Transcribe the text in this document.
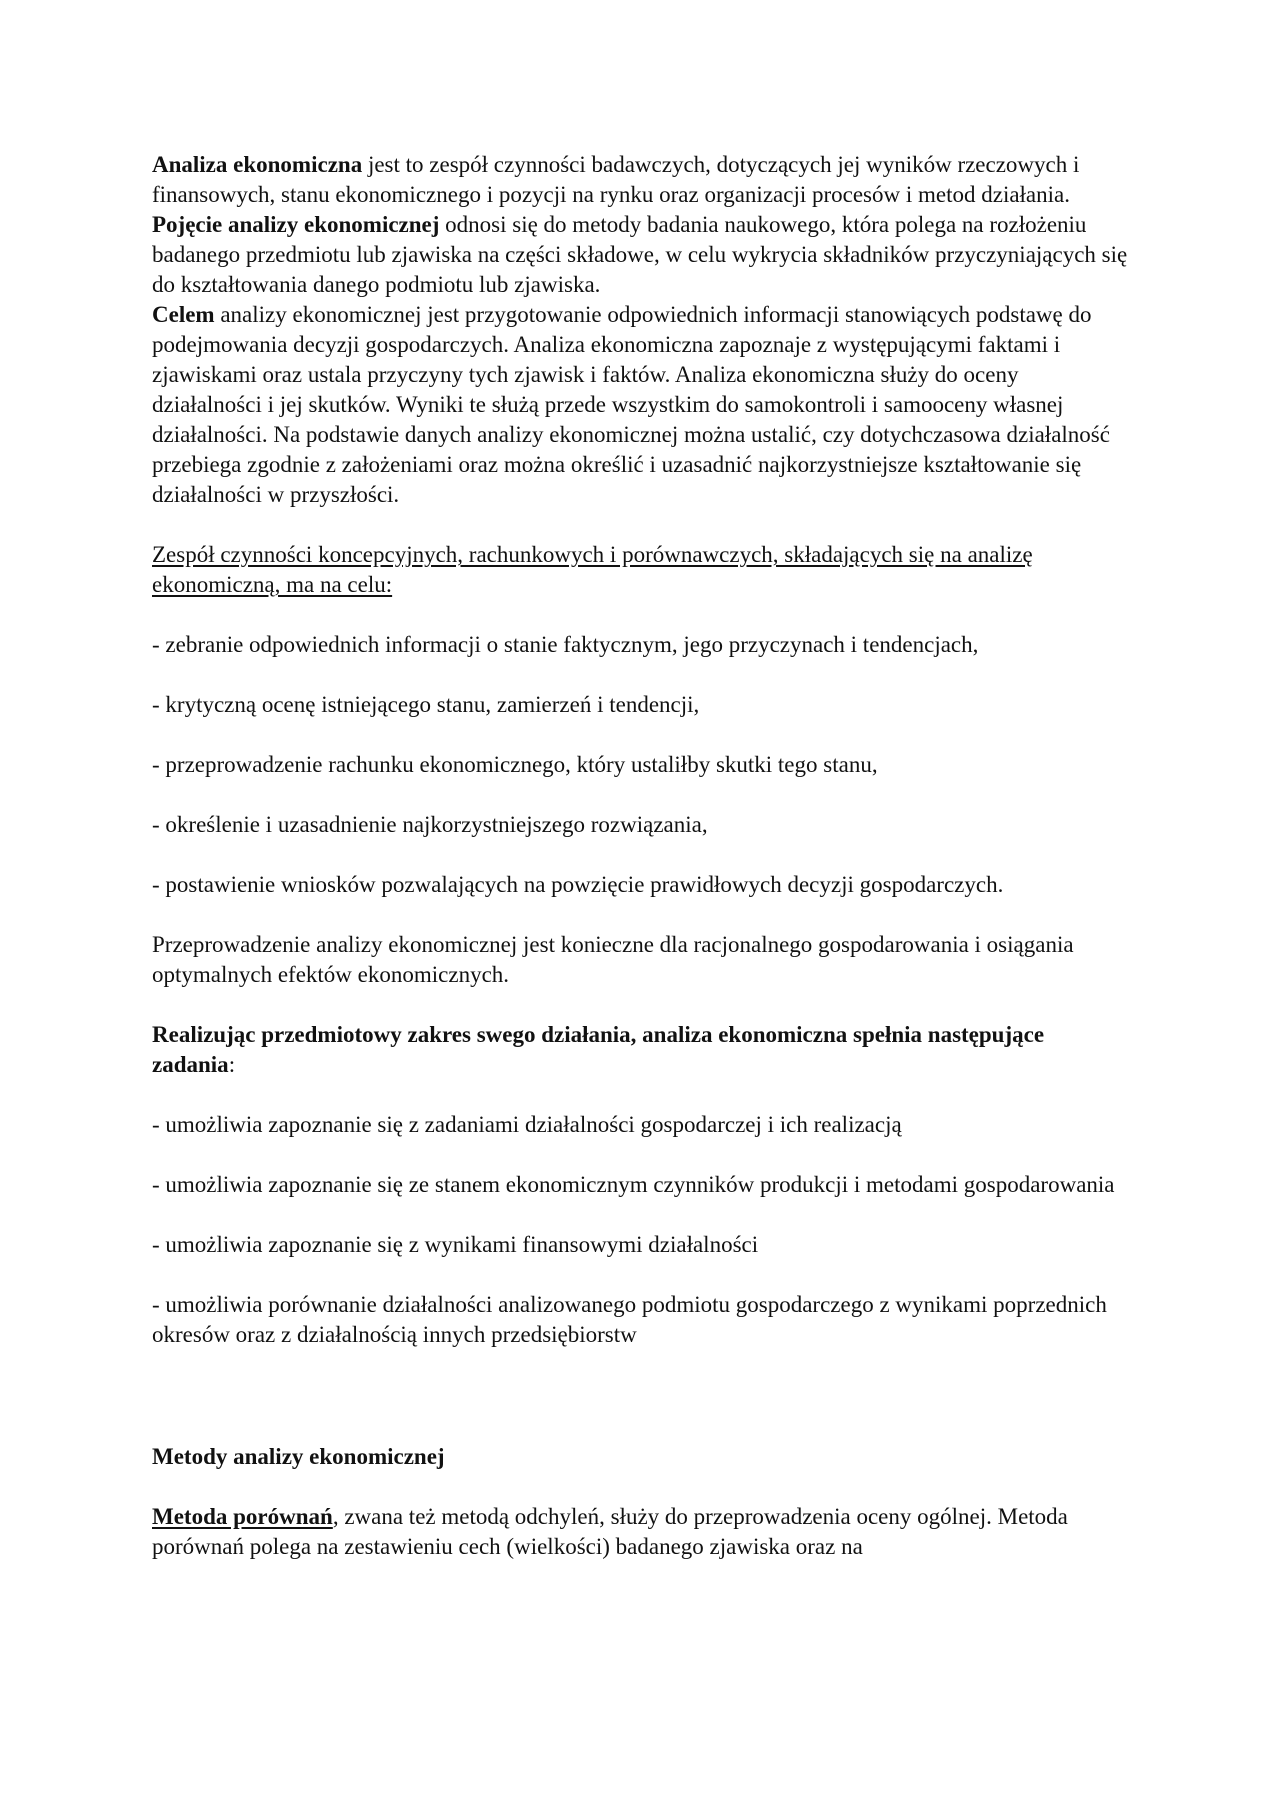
Analiza ekonomiczna jest to zespół czynności badawczych, dotyczących jej wyników rzeczowych i finansowych, stanu ekonomicznego i pozycji na rynku oraz organizacji procesów i metod działania.

Pojęcie analizy ekonomicznej odnosi się do metody badania naukowego, która polega na rozłożeniu badanego przedmiotu lub zjawiska na części składowe, w celu wykrycia składników przyczyniających się do kształtowania danego podmiotu lub zjawiska.

Celem analizy ekonomicznej jest przygotowanie odpowiednich informacji stanowiących podstawę do podejmowania decyzji gospodarczych. Analiza ekonomiczna zapoznaje z występującymi faktami i zjawiskami oraz ustala przyczyny tych zjawisk i faktów. Analiza ekonomiczna służy do oceny działalności i jej skutków. Wyniki te służą przede wszystkim do samokontroli i samooceny własnej działalności. Na podstawie danych analizy ekonomicznej można ustalić, czy dotychczasowa działalność przebiega zgodnie z założeniami oraz można określić i uzasadnić najkorzystniejsze kształtowanie się działalności w przyszłości.

Zespół czynności koncepcyjnych, rachunkowych i porównawczych, składających się na analizę ekonomiczną, ma na celu:

- zebranie odpowiednich informacji o stanie faktycznym, jego przyczynach i tendencjach,

- krytyczną ocenę istniejącego stanu, zamierzeń i tendencji,

- przeprowadzenie rachunku ekonomicznego, który ustaliłby skutki tego stanu,

- określenie i uzasadnienie najkorzystniejszego rozwiązania,

- postawienie wniosków pozwalających na powzięcie prawidłowych decyzji gospodarczych.

Przeprowadzenie analizy ekonomicznej jest konieczne dla racjonalnego gospodarowania i osiągania optymalnych efektów ekonomicznych.

Realizując przedmiotowy zakres swego działania, analiza ekonomiczna spełnia następujące zadania:

- umożliwia zapoznanie się z zadaniami działalności gospodarczej i ich realizacją

- umożliwia zapoznanie się ze stanem ekonomicznym czynników produkcji i metodami gospodarowania

- umożliwia zapoznanie się z wynikami finansowymi działalności

- umożliwia porównanie działalności analizowanego podmiotu gospodarczego z wynikami poprzednich okresów oraz z działalnością innych przedsiębiorstw

Metody analizy ekonomicznej

Metoda porównań, zwana też metodą odchyleń, służy do przeprowadzenia oceny ogólnej. Metoda porównań polega na zestawieniu cech (wielkości) badanego zjawiska oraz na
